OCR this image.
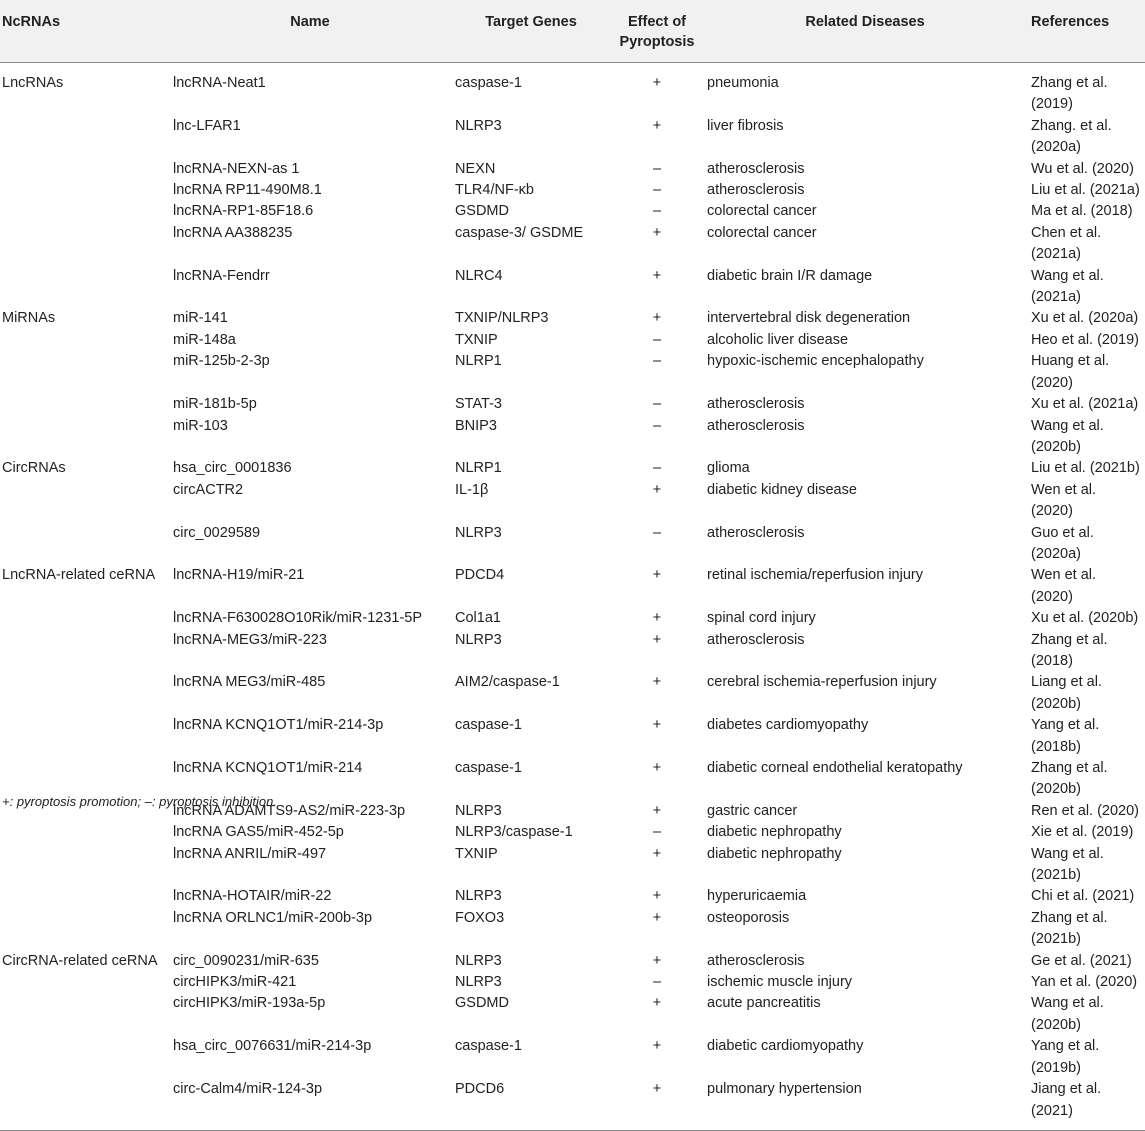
NcRNAs	Name	Target Genes	Effect of Pyroptosis	Related Diseases	References
LncRNAs	lncRNA-Neat1	caspase-1	+	pneumonia	Zhang et al. (2019)
	lnc-LFAR1	NLRP3	+	liver fibrosis	Zhang. et al. (2020a)
	lncRNA-NEXN-as 1	NEXN	–	atherosclerosis	Wu et al. (2020)
	lncRNA RP11-490M8.1	TLR4/NF-κb	–	atherosclerosis	Liu et al. (2021a)
	lncRNA-RP1-85F18.6	GSDMD	–	colorectal cancer	Ma et al. (2018)
	lncRNA AA388235	caspase-3/ GSDME	+	colorectal cancer	Chen et al. (2021a)
	lncRNA-Fendrr	NLRC4	+	diabetic brain I/R damage	Wang et al. (2021a)
MiRNAs	miR-141	TXNIP/NLRP3	+	intervertebral disk degeneration	Xu et al. (2020a)
	miR-148a	TXNIP	–	alcoholic liver disease	Heo et al. (2019)
	miR-125b-2-3p	NLRP1	–	hypoxic-ischemic encephalopathy	Huang et al. (2020)
	miR-181b-5p	STAT-3	–	atherosclerosis	Xu et al. (2021a)
	miR-103	BNIP3	–	atherosclerosis	Wang et al. (2020b)
CircRNAs	hsa_circ_0001836	NLRP1	–	glioma	Liu et al. (2021b)
	circACTR2	IL-1β	+	diabetic kidney disease	Wen et al. (2020)
	circ_0029589	NLRP3	–	atherosclerosis	Guo et al. (2020a)
LncRNA-related ceRNA	lncRNA-H19/miR-21	PDCD4	+	retinal ischemia/reperfusion injury	Wen et al. (2020)
	lncRNA-F630028O10Rik/miR-1231-5P	Col1a1	+	spinal cord injury	Xu et al. (2020b)
	lncRNA-MEG3/miR-223	NLRP3	+	atherosclerosis	Zhang et al. (2018)
	lncRNA MEG3/miR-485	AIM2/caspase-1	+	cerebral ischemia-reperfusion injury	Liang et al. (2020b)
	lncRNA KCNQ1OT1/miR-214-3p	caspase-1	+	diabetes cardiomyopathy	Yang et al. (2018b)
	lncRNA KCNQ1OT1/miR-214	caspase-1	+	diabetic corneal endothelial keratopathy	Zhang et al. (2020b)
	lncRNA ADAMTS9-AS2/miR-223-3p	NLRP3	+	gastric cancer	Ren et al. (2020)
	lncRNA GAS5/miR-452-5p	NLRP3/caspase-1	–	diabetic nephropathy	Xie et al. (2019)
	lncRNA ANRIL/miR-497	TXNIP	+	diabetic nephropathy	Wang et al. (2021b)
	lncRNA-HOTAIR/miR-22	NLRP3	+	hyperuricaemia	Chi et al. (2021)
	lncRNA ORLNC1/miR-200b-3p	FOXO3	+	osteoporosis	Zhang et al. (2021b)
CircRNA-related ceRNA	circ_0090231/miR-635	NLRP3	+	atherosclerosis	Ge et al. (2021)
	circHIPK3/miR-421	NLRP3	–	ischemic muscle injury	Yan et al. (2020)
	circHIPK3/miR-193a-5p	GSDMD	+	acute pancreatitis	Wang et al. (2020b)
	hsa_circ_0076631/miR-214-3p	caspase-1	+	diabetic cardiomyopathy	Yang et al. (2019b)
	circ-Calm4/miR-124-3p	PDCD6	+	pulmonary hypertension	Jiang et al. (2021)
+: pyroptosis promotion; –: pyroptosis inhibition.
